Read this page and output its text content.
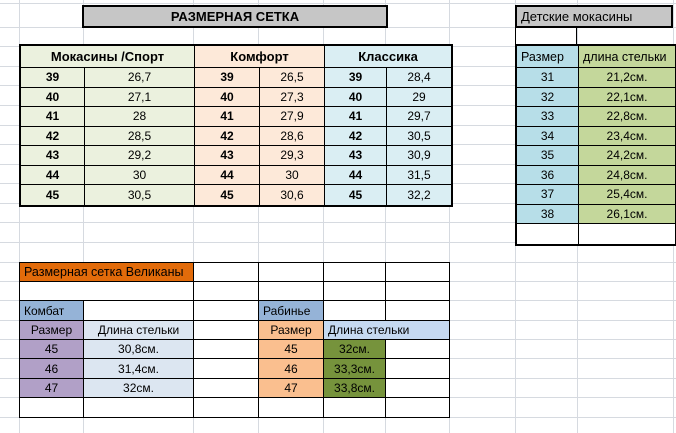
РАЗМЕРНАЯ СЕТКА
Мокасины /Спорт	Комфорт	Классика
39	26,7	39	26,5	39	28,4
40	27,1	40	27,3	40	29
41	28	41	27,9	41	29,7
42	28,5	42	28,6	42	30,5
43	29,2	43	29,3	43	30,9
44	30	44	30	44	31,5
45	30,5	45	30,6	45	32,2
Детские мокасины
Размер	длина стельки
31	21,2см.
32	22,1см.
33	22,8см.
34	23,4см.
35	24,2см.
36	24,8см.
37	25,4см.
38	26,1см.
Размерная сетка Великаны
Комбат	Рабинье
Размер	Длина стельки	Размер	Длина стельки
45	30,8см.	45	32см.
46	31,4см.	46	33,3см.
47	32см.	47	33,8см.
